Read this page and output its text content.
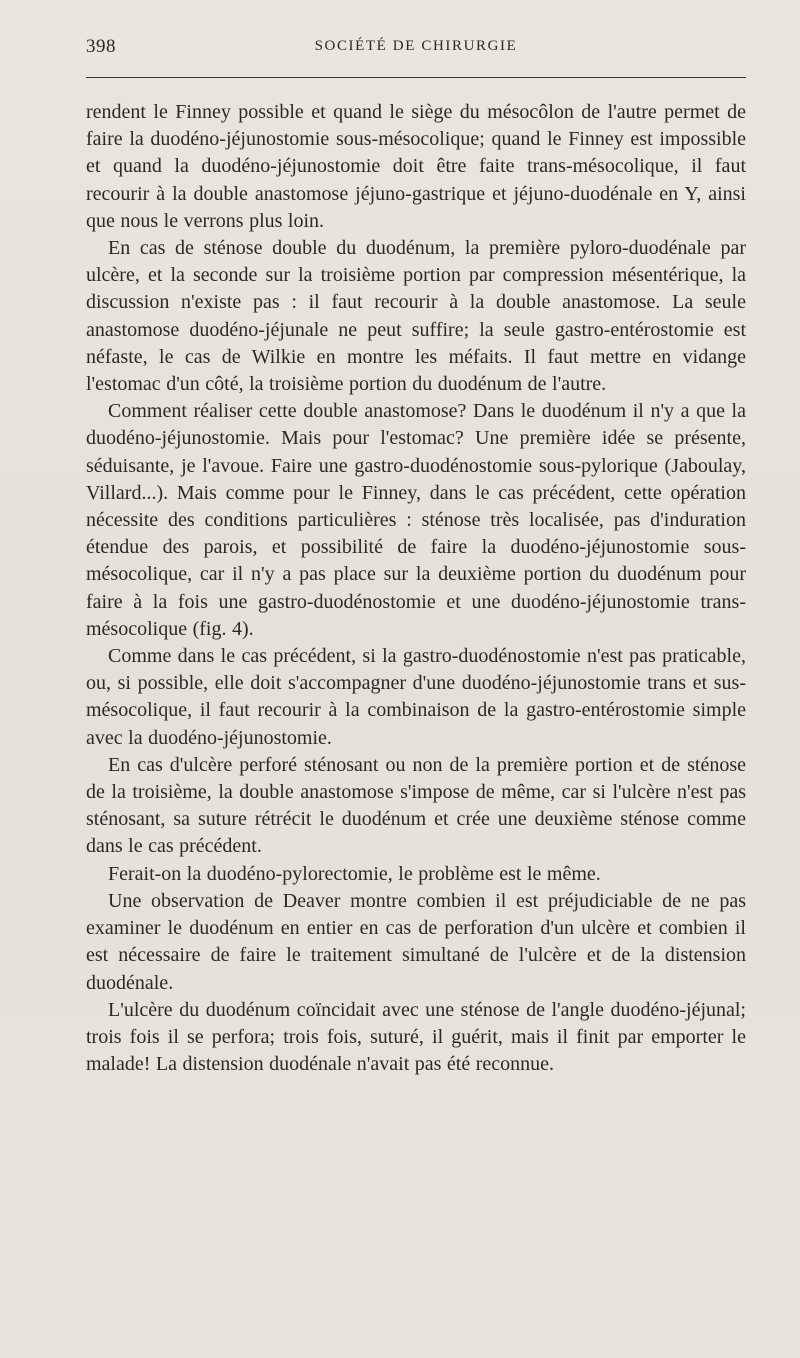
398	SOCIÉTÉ DE CHIRURGIE

rendent le Finney possible et quand le siège du mésocôlon de l'autre permet de faire la duodéno-jéjunostomie sous-mésocolique; quand le Finney est impossible et quand la duodéno-jéjunostomie doit être faite trans-mésocolique, il faut recourir à la double anastomose jéjuno-gastrique et jéjuno-duodénale en Y, ainsi que nous le verrons plus loin.

En cas de sténose double du duodénum, la première pyloro-duodénale par ulcère, et la seconde sur la troisième portion par compression mésentérique, la discussion n'existe pas : il faut recourir à la double anastomose. La seule anastomose duodéno-jéjunale ne peut suffire; la seule gastro-entérostomie est néfaste, le cas de Wilkie en montre les méfaits. Il faut mettre en vidange l'estomac d'un côté, la troisième portion du duodénum de l'autre.

Comment réaliser cette double anastomose? Dans le duodénum il n'y a que la duodéno-jéjunostomie. Mais pour l'estomac? Une première idée se présente, séduisante, je l'avoue. Faire une gastro-duodénostomie sous-pylorique (Jaboulay, Villard...). Mais comme pour le Finney, dans le cas précédent, cette opération nécessite des conditions particulières : sténose très localisée, pas d'induration étendue des parois, et possibilité de faire la duodéno-jéjunostomie sous-mésocolique, car il n'y a pas place sur la deuxième portion du duodénum pour faire à la fois une gastro-duodénostomie et une duodéno-jéjunostomie trans-mésocolique (fig. 4).

Comme dans le cas précédent, si la gastro-duodénostomie n'est pas praticable, ou, si possible, elle doit s'accompagner d'une duodéno-jéjunostomie trans et sus-mésocolique, il faut recourir à la combinaison de la gastro-entérostomie simple avec la duodéno-jéjunostomie.

En cas d'ulcère perforé sténosant ou non de la première portion et de sténose de la troisième, la double anastomose s'impose de même, car si l'ulcère n'est pas sténosant, sa suture rétrécit le duodénum et crée une deuxième sténose comme dans le cas précédent.

Ferait-on la duodéno-pylorectomie, le problème est le même.

Une observation de Deaver montre combien il est préjudiciable de ne pas examiner le duodénum en entier en cas de perforation d'un ulcère et combien il est nécessaire de faire le traitement simultané de l'ulcère et de la distension duodénale.

L'ulcère du duodénum coïncidait avec une sténose de l'angle duodéno-jéjunal; trois fois il se perfora; trois fois, suturé, il guérit, mais il finit par emporter le malade! La distension duodénale n'avait pas été reconnue.
